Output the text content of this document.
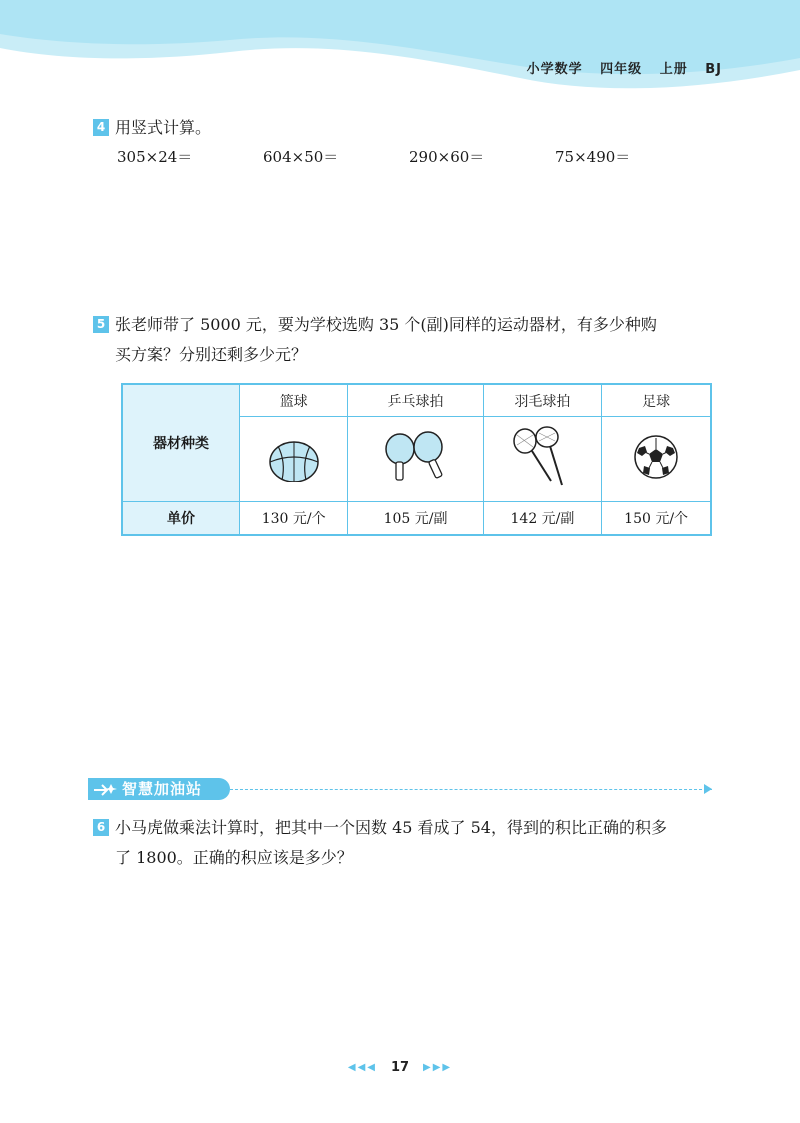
小学数学 四年级 上册 BJ
4 用竖式计算。
305×24＝	604×50＝	290×60＝	75×490＝
5 张老师带了 5000 元，要为学校选购 35 个(副)同样的运动器材，有多少种购
买方案？分别还剩多少元？
器材种类	篮球	乒乓球拍	羽毛球拍	足球

单价	130 元/个	105 元/副	142 元/副	150 元/个
智慧加油站
6 小马虎做乘法计算时，把其中一个因数 45 看成了 54，得到的积比正确的积多
了 1800。正确的积应该是多少？
◀◀◀ 17 ▶▶▶
